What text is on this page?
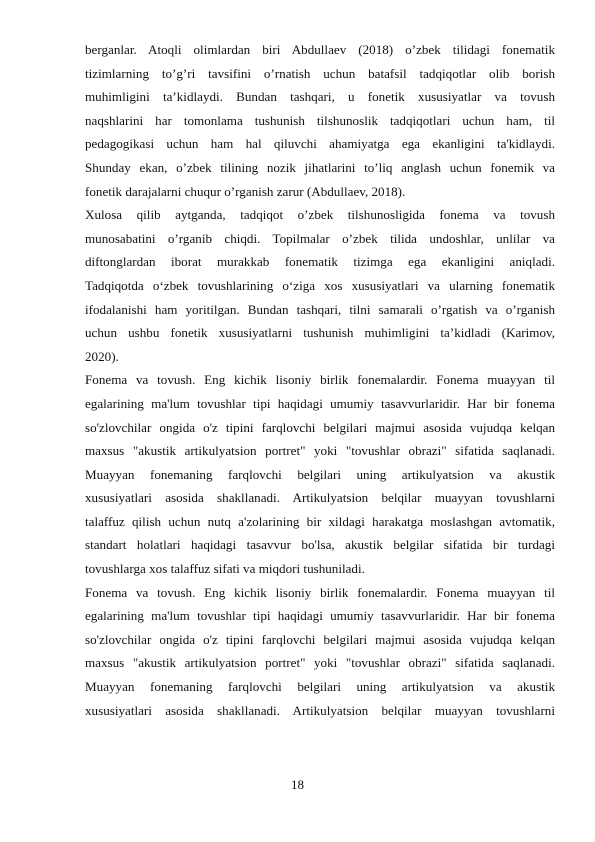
berganlar. Atoqli olimlardan biri Abdullaev (2018) o’zbek tilidagi fonematik
tizimlarning to’g’ri tavsifini o’rnatish uchun batafsil tadqiqotlar olib borish
muhimligini ta’kidlaydi. Bundan tashqari, u fonetik xususiyatlar va tovush
naqshlarini har tomonlama tushunish tilshunoslik tadqiqotlari uchun ham, til
pedagogikasi uchun ham hal qiluvchi ahamiyatga ega ekanligini ta'kidlaydi.
Shunday ekan, o’zbek tilining nozik jihatlarini to’liq anglash uchun fonemik va
fonetik darajalarni chuqur o’rganish zarur (Abdullaev, 2018).
Xulosa qilib aytganda, tadqiqot o’zbek tilshunosligida fonema va tovush
munosabatini o’rganib chiqdi. Topilmalar o’zbek tilida undoshlar, unlilar va
diftonglardan iborat murakkab fonematik tizimga ega ekanligini aniqladi.
Tadqiqotda o‘zbek tovushlarining o‘ziga xos xususiyatlari va ularning fonematik
ifodalanishi ham yoritilgan. Bundan tashqari, tilni samarali o’rgatish va o’rganish
uchun ushbu fonetik xususiyatlarni tushunish muhimligini ta’kidladi (Karimov,
2020).
Fonema va tovush. Eng kichik lisoniy birlik fonemalardir. Fonema muayyan til
egalarining ma'lum tovushlar tipi haqidagi umumiy tasavvurlaridir. Har bir fonema
so'zlovchilar ongida o'z tipini farqlovchi belgilari majmui asosida vujudqa kelqan
maxsus "akustik artikulyatsion portret" yoki "tovushlar obrazi" sifatida saqlanadi.
Muayyan fonemaning farqlovchi belgilari uning artikulyatsion va akustik
xususiyatlari asosida shakllanadi. Artikulyatsion belqilar muayyan tovushlarni
talaffuz qilish uchun nutq a'zolarining bir xildagi harakatga moslashgan avtomatik,
standart holatlari haqidagi tasavvur bo'lsa, akustik belgilar sifatida bir turdagi
tovushlarga xos talaffuz sifati va miqdori tushuniladi.
Fonema va tovush. Eng kichik lisoniy birlik fonemalardir. Fonema muayyan til
egalarining ma'lum tovushlar tipi haqidagi umumiy tasavvurlaridir. Har bir fonema
so'zlovchilar ongida o'z tipini farqlovchi belgilari majmui asosida vujudqa kelqan
maxsus "akustik artikulyatsion portret" yoki "tovushlar obrazi" sifatida saqlanadi.
Muayyan fonemaning farqlovchi belgilari uning artikulyatsion va akustik
xususiyatlari asosida shakllanadi. Artikulyatsion belqilar muayyan tovushlarni
18
